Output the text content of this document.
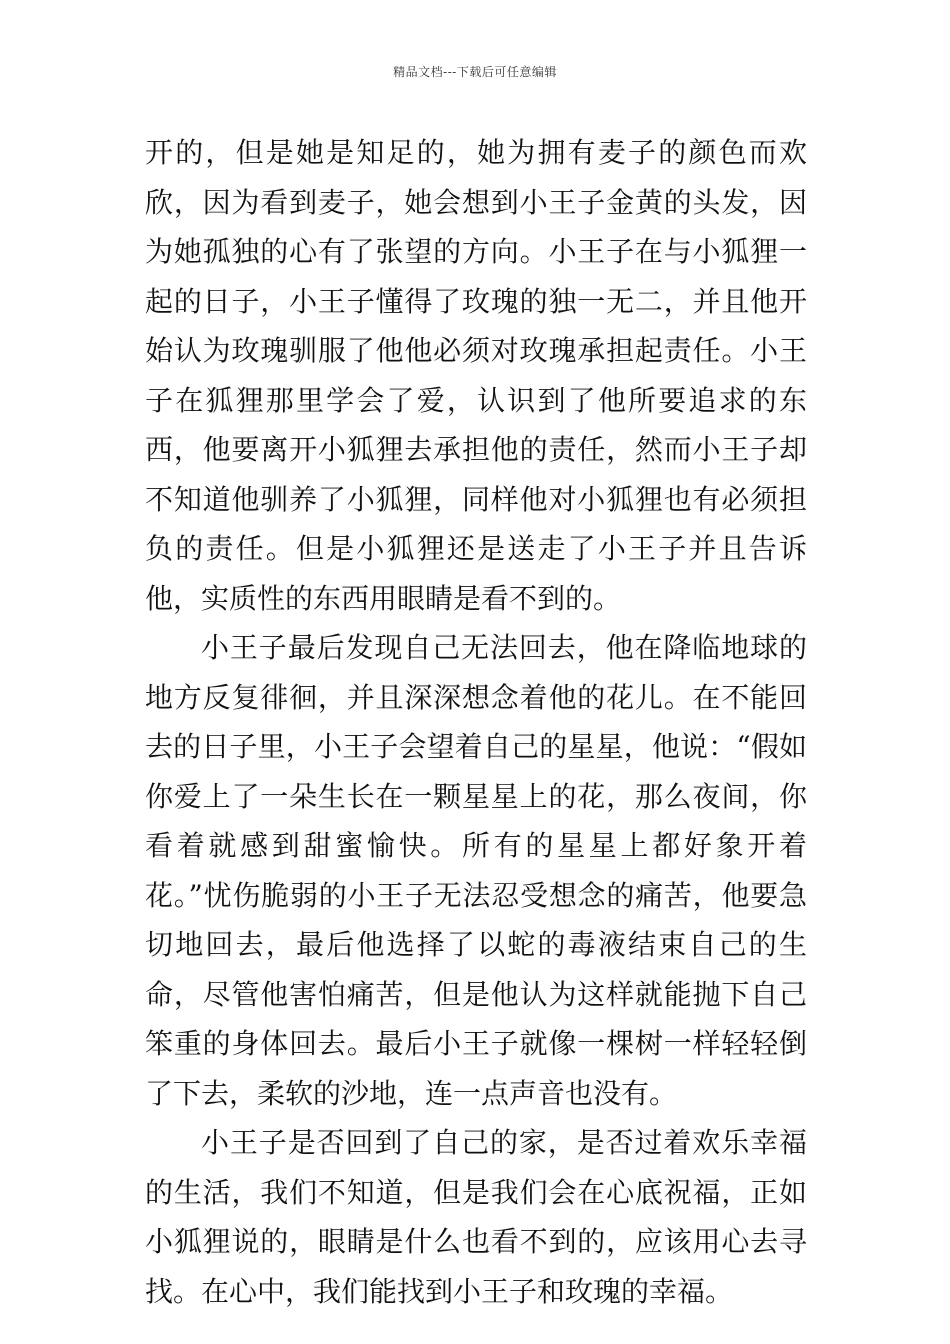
精品文档---下载后可任意编辑

开的，但是她是知足的，她为拥有麦子的颜色而欢欣，因为看到麦子，她会想到小王子金黄的头发，因为她孤独的心有了张望的方向。小王子在与小狐狸一起的日子，小王子懂得了玫瑰的独一无二，并且他开始认为玫瑰驯服了他他必须对玫瑰承担起责任。小王子在狐狸那里学会了爱，认识到了他所要追求的东西，他要离开小狐狸去承担他的责任，然而小王子却不知道他驯养了小狐狸，同样他对小狐狸也有必须担负的责任。但是小狐狸还是送走了小王子并且告诉他，实质性的东西用眼睛是看不到的。

小王子最后发现自己无法回去，他在降临地球的地方反复徘徊，并且深深想念着他的花儿。在不能回去的日子里，小王子会望着自己的星星，他说：“假如你爱上了一朵生长在一颗星星上的花，那么夜间，你看着就感到甜蜜愉快。所有的星星上都好象开着花。”忧伤脆弱的小王子无法忍受想念的痛苦，他要急切地回去，最后他选择了以蛇的毒液结束自己的生命，尽管他害怕痛苦，但是他认为这样就能抛下自己笨重的身体回去。最后小王子就像一棵树一样轻轻倒了下去，柔软的沙地，连一点声音也没有。

小王子是否回到了自己的家，是否过着欢乐幸福的生活，我们不知道，但是我们会在心底祝福，正如小狐狸说的，眼睛是什么也看不到的，应该用心去寻找。在心中，我们能找到小王子和玫瑰的幸福。
